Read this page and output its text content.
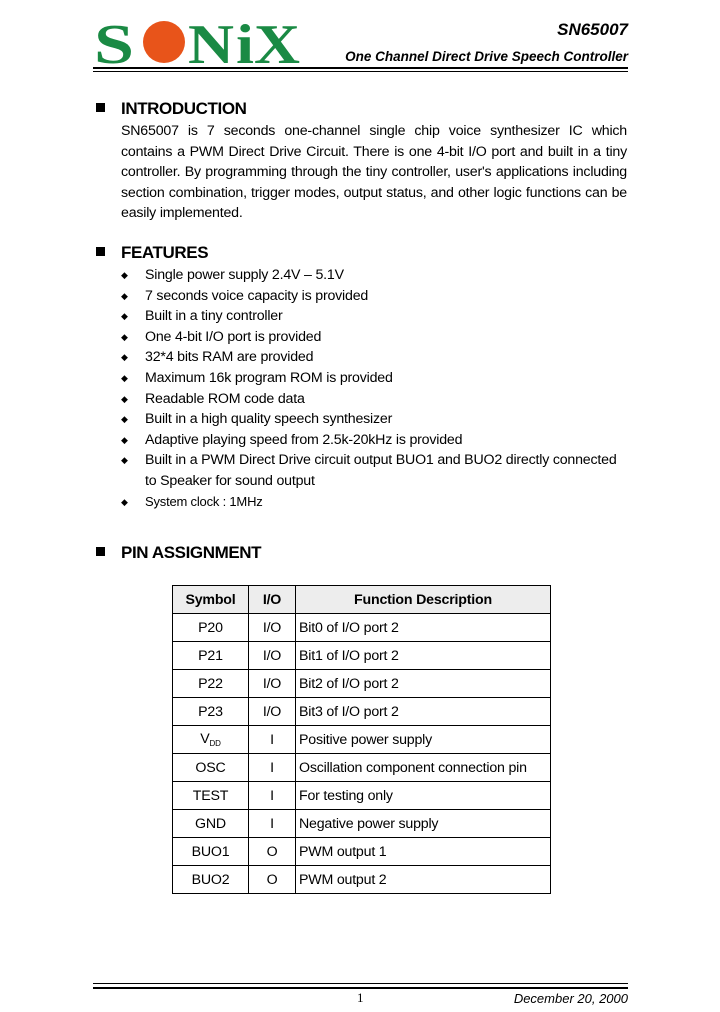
S N i X	SN65007
One Channel Direct Drive Speech Controller
INTRODUCTION
SN65007 is 7 seconds one-channel single chip voice synthesizer IC which contains a PWM Direct Drive Circuit. There is one 4-bit I/O port and built in a tiny controller. By programming through the tiny controller, user's applications including section combination, trigger modes, output status, and other logic functions can be easily implemented.
FEATURES
◆ Single power supply 2.4V – 5.1V
◆ 7 seconds voice capacity is provided
◆ Built in a tiny controller
◆ One 4-bit I/O port is provided
◆ 32*4 bits RAM are provided
◆ Maximum 16k program ROM is provided
◆ Readable ROM code data
◆ Built in a high quality speech synthesizer
◆ Adaptive playing speed from 2.5k-20kHz is provided
◆ Built in a PWM Direct Drive circuit output BUO1 and BUO2 directly connected to Speaker for sound output
◆ System clock : 1MHz
PIN ASSIGNMENT
Symbol	I/O	Function Description
P20	I/O	Bit0 of I/O port 2
P21	I/O	Bit1 of I/O port 2
P22	I/O	Bit2 of I/O port 2
P23	I/O	Bit3 of I/O port 2
$V_{DD}$	I	Positive power supply
OSC	I	Oscillation component connection pin
TEST	I	For testing only
GND	I	Negative power supply
BUO1	O	PWM output 1
BUO2	O	PWM output 2
1	December 20, 2000
